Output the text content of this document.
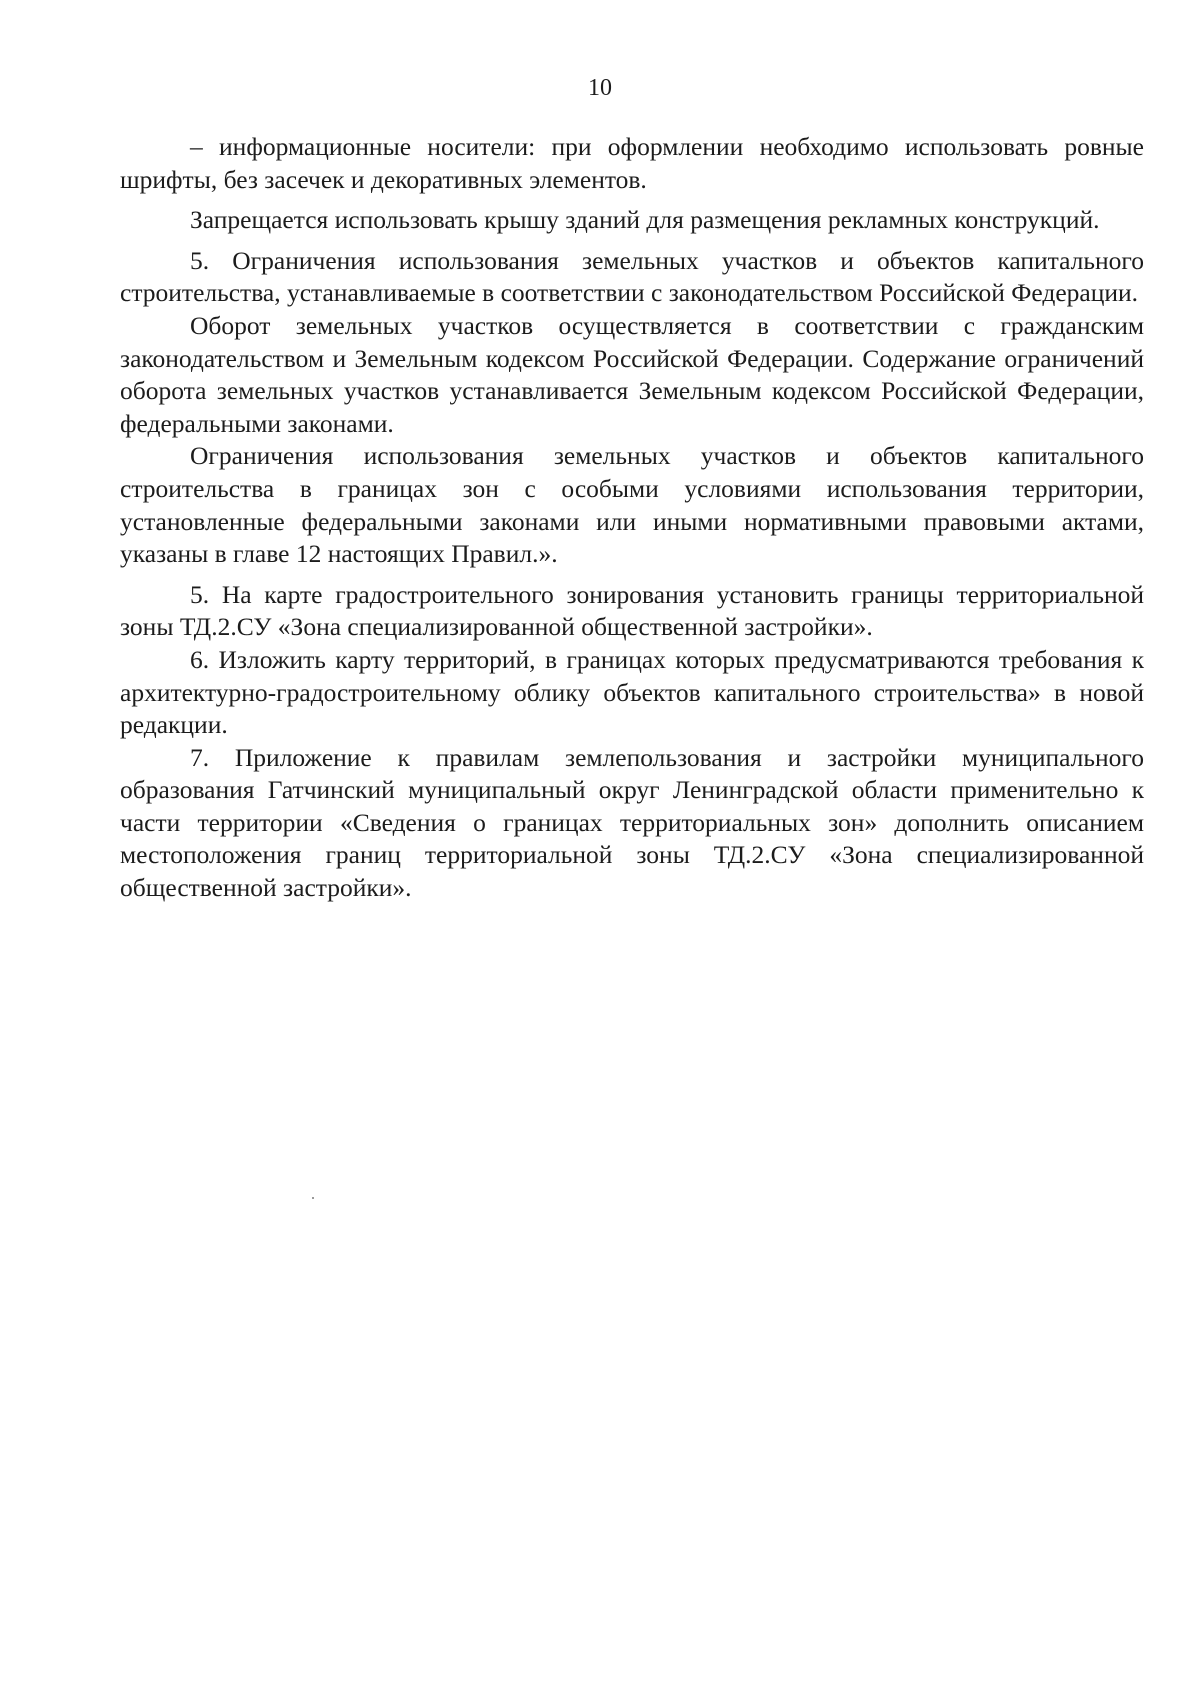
10

– информационные носители: при оформлении необходимо использовать ровные шрифты, без засечек и декоративных элементов.

Запрещается использовать крышу зданий для размещения рекламных конструкций.

5. Ограничения использования земельных участков и объектов капитального строительства, устанавливаемые в соответствии с законодательством Российской Федерации.

Оборот земельных участков осуществляется в соответствии с гражданским законодательством и Земельным кодексом Российской Федерации. Содержание ограничений оборота земельных участков устанавливается Земельным кодексом Российской Федерации, федеральными законами.

Ограничения использования земельных участков и объектов капитального строительства в границах зон с особыми условиями использования территории, установленные федеральными законами или иными нормативными правовыми актами, указаны в главе 12 настоящих Правил.».

5. На карте градостроительного зонирования установить границы территориальной зоны ТД.2.СУ «Зона специализированной общественной застройки».

6. Изложить карту территорий, в границах которых предусматриваются требования к архитектурно-градостроительному облику объектов капитального строительства» в новой редакции.

7. Приложение к правилам землепользования и застройки муниципального образования Гатчинский муниципальный округ Ленинградской области применительно к части территории «Сведения о границах территориальных зон» дополнить описанием местоположения границ территориальной зоны ТД.2.СУ «Зона специализированной общественной застройки».
